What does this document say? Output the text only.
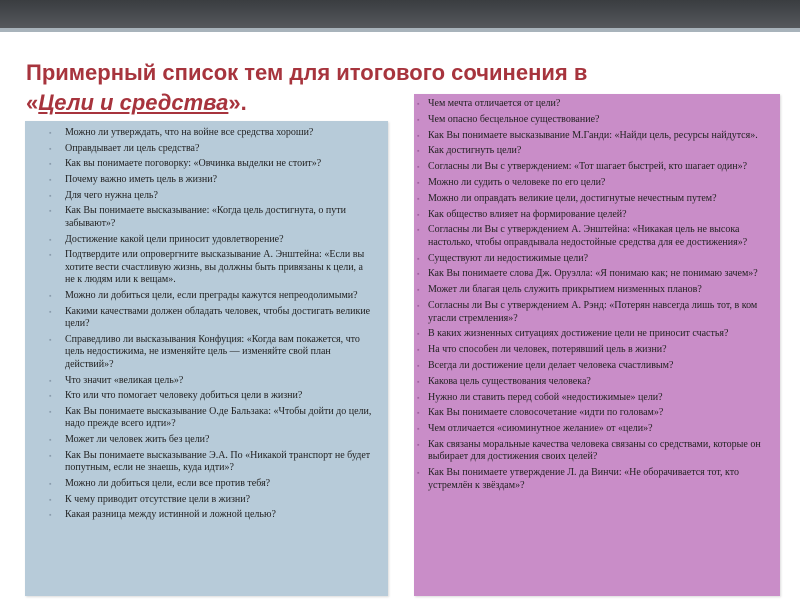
Примерный список тем для итогового сочинения в
«Цели и средства».
▪	Можно ли утверждать, что на войне все средства хороши?
▪	Оправдывает ли цель средства?
▪	Как вы понимаете поговорку: «Овчинка выделки не стоит»?
▪	Почему важно иметь цель в жизни?
▪	Для чего нужна цель?
▪	Как Вы понимаете высказывание: «Когда цель достигнута, о пути забывают»?
▪	Достижение какой цели приносит удовлетворение?
▪	Подтвердите или опровергните высказывание А. Энштейна: «Если вы хотите вести счастливую жизнь, вы должны быть привязаны к цели, а не к людям или к вещам».
▪	Можно ли добиться цели, если преграды кажутся непреодолимыми?
▪	Какими качествами должен обладать человек, чтобы достигать великие цели?
▪	Справедливо ли высказывания Конфуция: «Когда вам покажется, что цель недостижима, не изменяйте цель — изменяйте свой план действий»?
▪	Что значит «великая цель»?
▪	Кто или что помогает человеку добиться цели в жизни?
▪	Как Вы понимаете высказывание О.де Бальзака: «Чтобы дойти до цели, надо прежде всего идти»?
▪	Может ли человек жить без цели?
▪	Как Вы понимаете высказывание Э.А. По «Никакой транспорт не будет попутным, если не знаешь, куда идти»?
▪	Можно ли добиться цели, если все против тебя?
▪	К чему приводит отсутствие цели в жизни?
▪	Какая разница между истинной и ложной целью?
▪ Чем мечта отличается от цели?
▪ Чем опасно бесцельное существование?
▪ Как Вы понимаете высказывание М.Ганди: «Найди цель, ресурсы найдутся».
▪ Как достигнуть цели?
▪ Согласны ли Вы с утверждением: «Тот шагает быстрей, кто шагает один»?
▪ Можно ли судить о человеке по его цели?
▪ Можно ли оправдать великие цели, достигнутые нечестным путем?
▪ Как общество влияет на формирование целей?
▪ Согласны ли Вы с утверждением А. Энштейна: «Никакая цель не высока настолько, чтобы оправдывала недостойные средства для ее достижения»?
▪ Существуют ли недостижимые цели?
▪ Как Вы понимаете слова Дж. Оруэлла: «Я понимаю как; не понимаю зачем»?
▪ Может ли благая цель служить прикрытием низменных планов?
▪ Согласны ли Вы с утверждением А. Рэнд: «Потерян навсегда лишь тот, в ком угасли стремления»?
▪ В каких жизненных ситуациях достижение цели не приносит счастья?
▪ На что способен ли человек, потерявший цель в жизни?
▪ Всегда ли достижение цели делает человека счастливым?
▪ Какова цель существования человека?
▪ Нужно ли ставить перед собой «недостижимые» цели?
▪ Как Вы понимаете словосочетание «идти по головам»?
▪ Чем отличается «сиюминутное желание» от «цели»?
▪ Как связаны моральные качества человека связаны со средствами, которые он выбирает для достижения своих целей?
▪ Как Вы понимаете утверждение Л. да Винчи: «Не оборачивается тот, кто устремлён к звёздам»?
